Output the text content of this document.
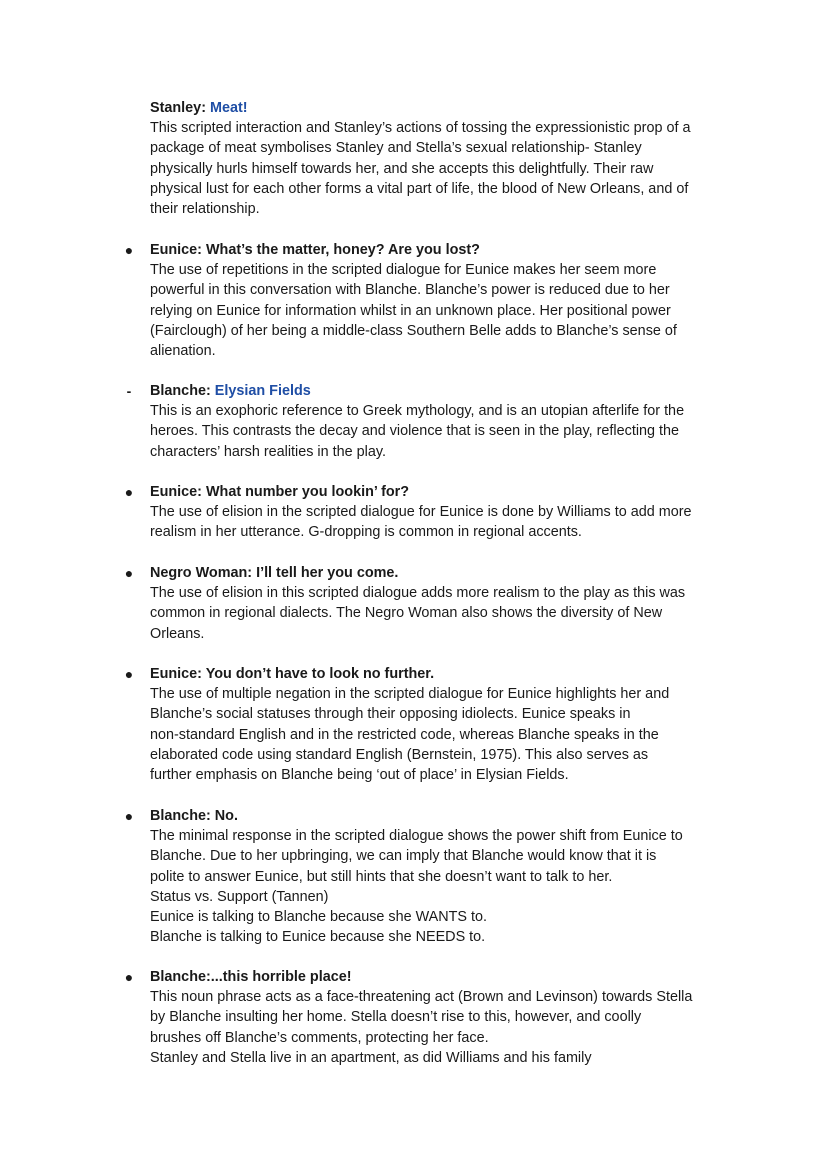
Stanley: Meat!
This scripted interaction and Stanley’s actions of tossing the expressionistic prop of a
package of meat symbolises Stanley and Stella’s sexual relationship- Stanley
physically hurls himself towards her, and she accepts this delightfully. Their raw
physical lust for each other forms a vital part of life, the blood of New Orleans, and of
their relationship.
● Eunice: What’s the matter, honey? Are you lost?
The use of repetitions in the scripted dialogue for Eunice makes her seem more
powerful in this conversation with Blanche. Blanche’s power is reduced due to her
relying on Eunice for information whilst in an unknown place. Her positional power
(Fairclough) of her being a middle-class Southern Belle adds to Blanche’s sense of
alienation.
-	Blanche: Elysian Fields
This is an exophoric reference to Greek mythology, and is an utopian afterlife for the
heroes. This contrasts the decay and violence that is seen in the play, reflecting the
characters’ harsh realities in the play.
● Eunice: What number you lookin’ for?
The use of elision in the scripted dialogue for Eunice is done by Williams to add more
realism in her utterance. G-dropping is common in regional accents.
● Negro Woman: I’ll tell her you come.
The use of elision in this scripted dialogue adds more realism to the play as this was
common in regional dialects. The Negro Woman also shows the diversity of New
Orleans.
● Eunice: You don’t have to look no further.
The use of multiple negation in the scripted dialogue for Eunice highlights her and
Blanche’s social statuses through their opposing idiolects. Eunice speaks in
non-standard English and in the restricted code, whereas Blanche speaks in the
elaborated code using standard English (Bernstein, 1975). This also serves as
further emphasis on Blanche being ‘out of place’ in Elysian Fields.
● Blanche: No.
The minimal response in the scripted dialogue shows the power shift from Eunice to
Blanche. Due to her upbringing, we can imply that Blanche would know that it is
polite to answer Eunice, but still hints that she doesn’t want to talk to her.
Status vs. Support (Tannen)
Eunice is talking to Blanche because she WANTS to.
Blanche is talking to Eunice because she NEEDS to.
● Blanche:...this horrible place!
This noun phrase acts as a face-threatening act (Brown and Levinson) towards Stella
by Blanche insulting her home. Stella doesn’t rise to this, however, and coolly
brushes off Blanche’s comments, protecting her face.
Stanley and Stella live in an apartment, as did Williams and his family
